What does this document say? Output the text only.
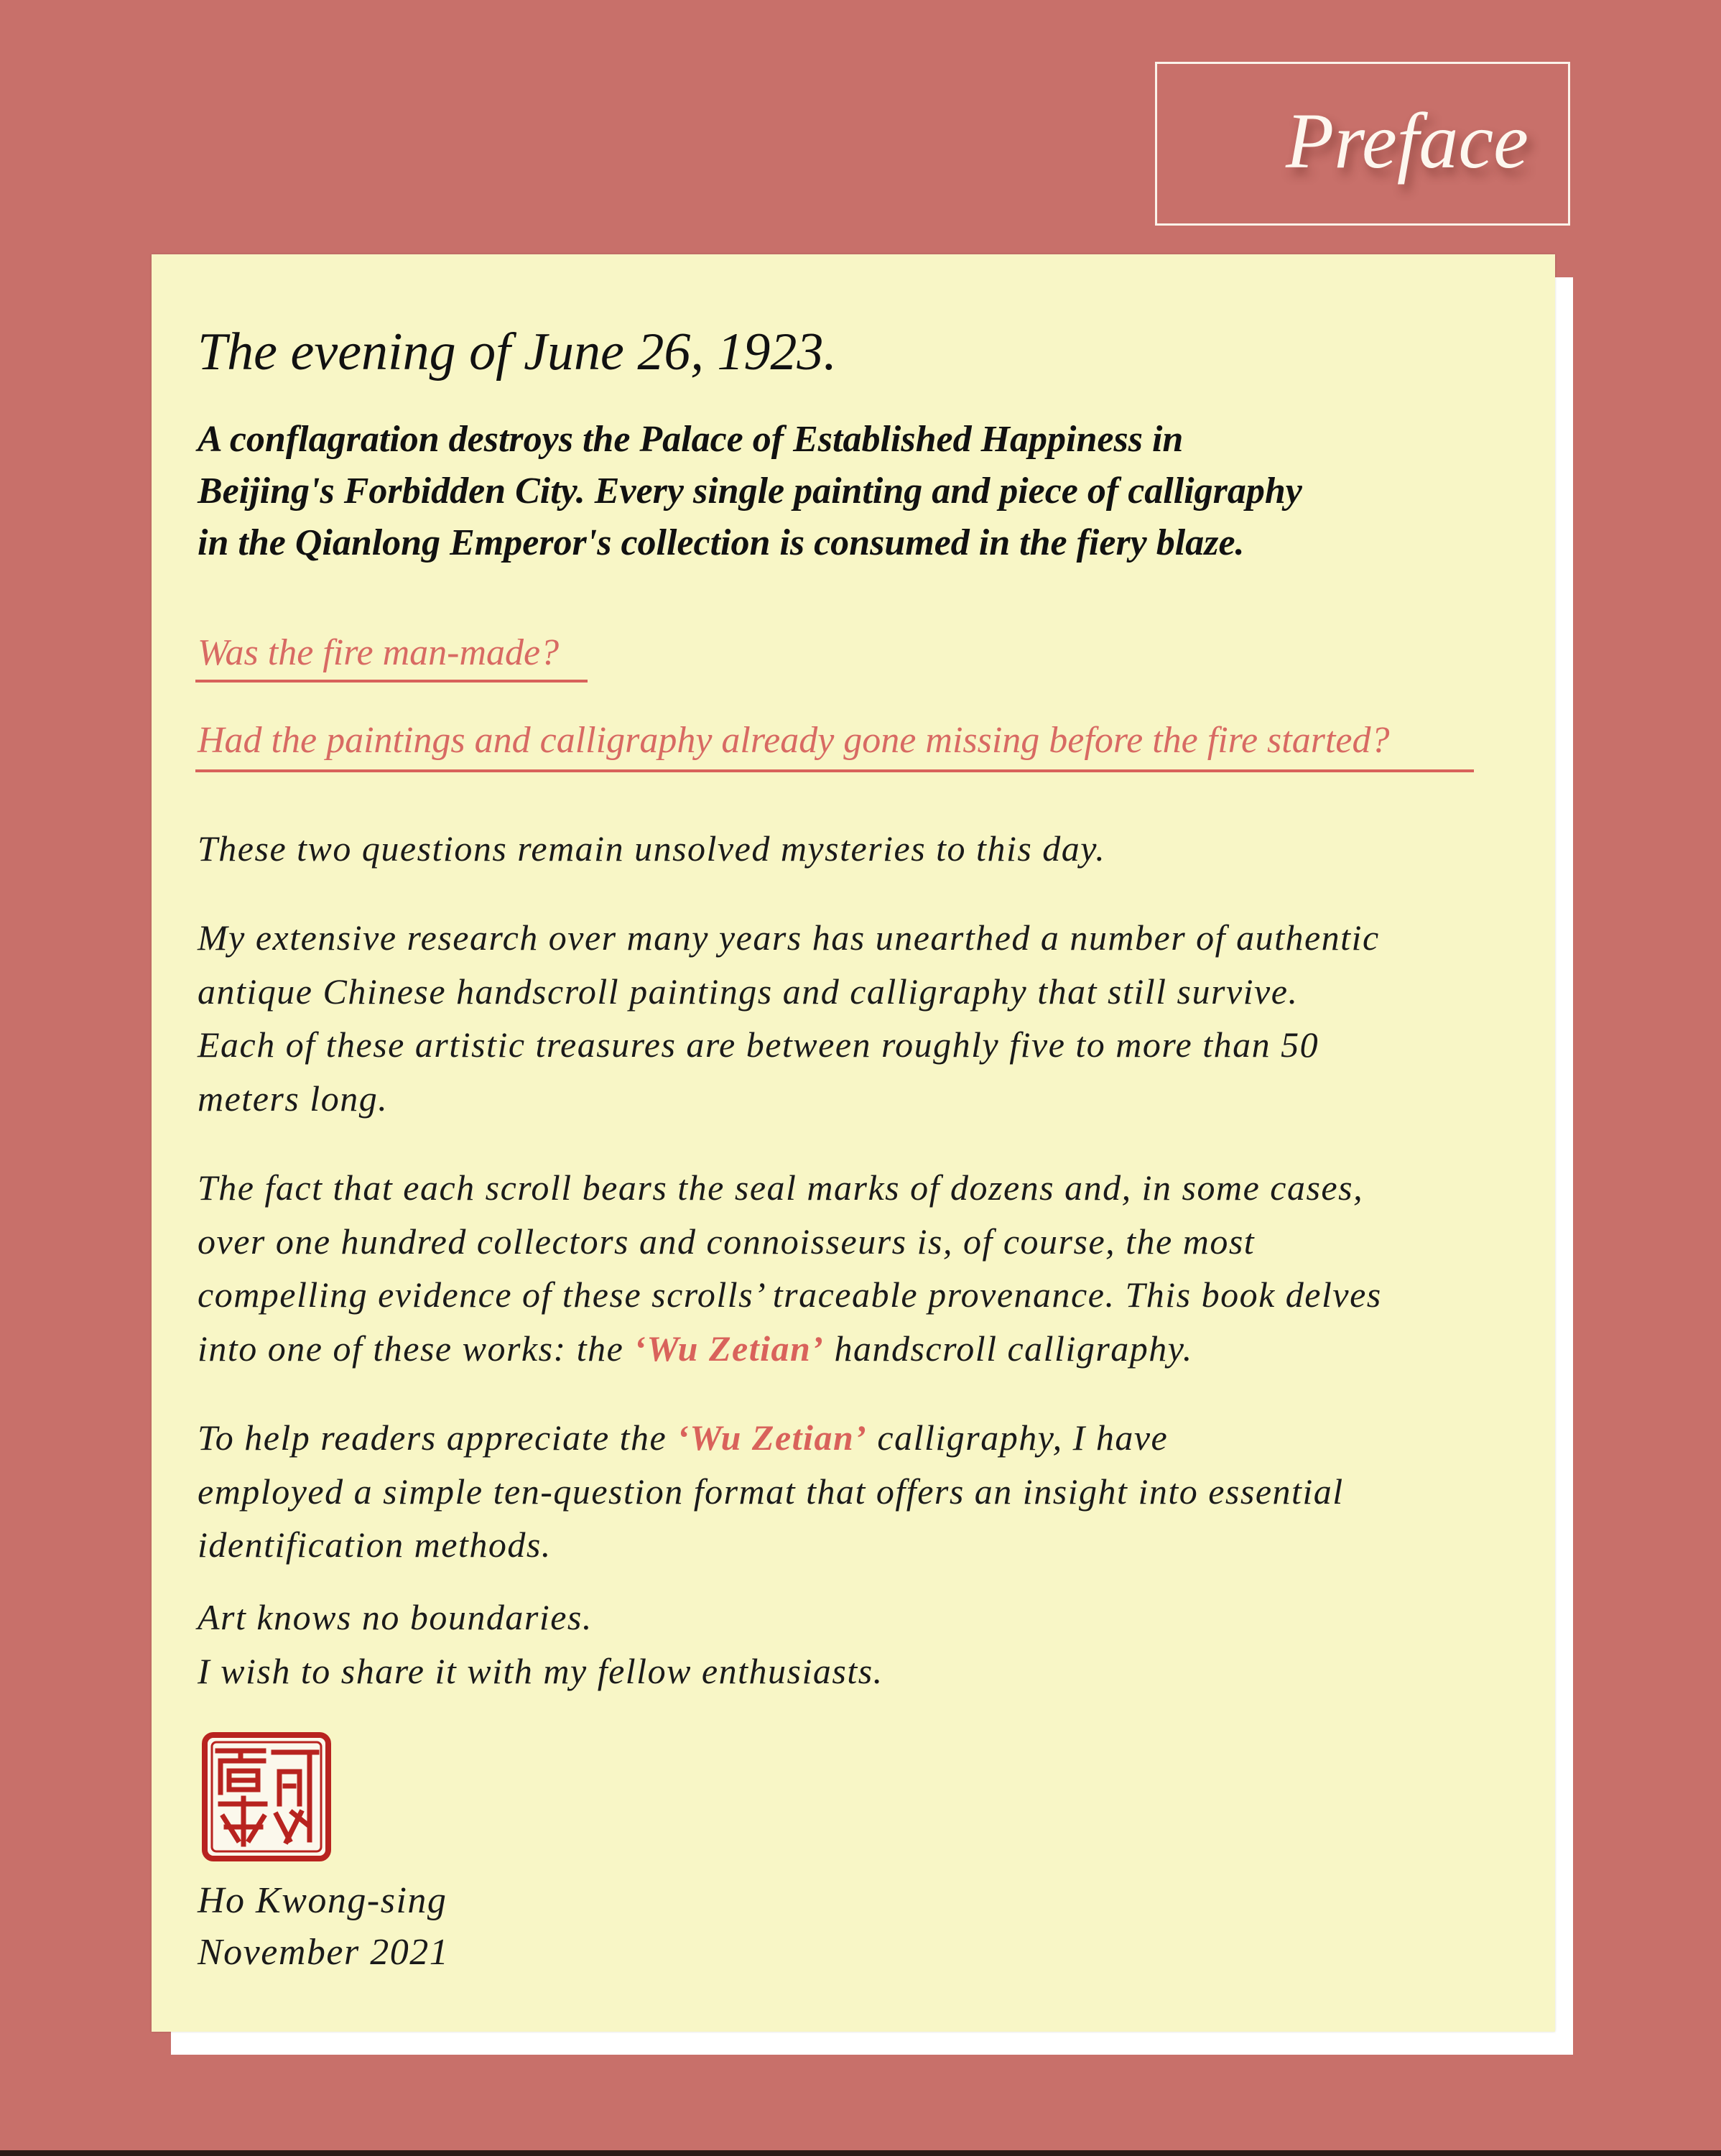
Preface
The evening of June 26, 1923.
A conflagration destroys the Palace of Established Happiness in
Beijing's Forbidden City. Every single painting and piece of calligraphy
in the Qianlong Emperor's collection is consumed in the fiery blaze.
Was the fire man-made?
Had the paintings and calligraphy already gone missing before the fire started?
These two questions remain unsolved mysteries to this day.
My extensive research over many years has unearthed a number of authentic
antique Chinese handscroll paintings and calligraphy that still survive.
Each of these artistic treasures are between roughly five to more than 50
meters long.
The fact that each scroll bears the seal marks of dozens and, in some cases,
over one hundred collectors and connoisseurs is, of course, the most
compelling evidence of these scrolls’ traceable provenance. This book delves
into one of these works: the ‘Wu Zetian’ handscroll calligraphy.
To help readers appreciate the ‘Wu Zetian’ calligraphy, I have
employed a simple ten-question format that offers an insight into essential
identification methods.
Art knows no boundaries.
I wish to share it with my fellow enthusiasts.
Ho Kwong-sing
November 2021
